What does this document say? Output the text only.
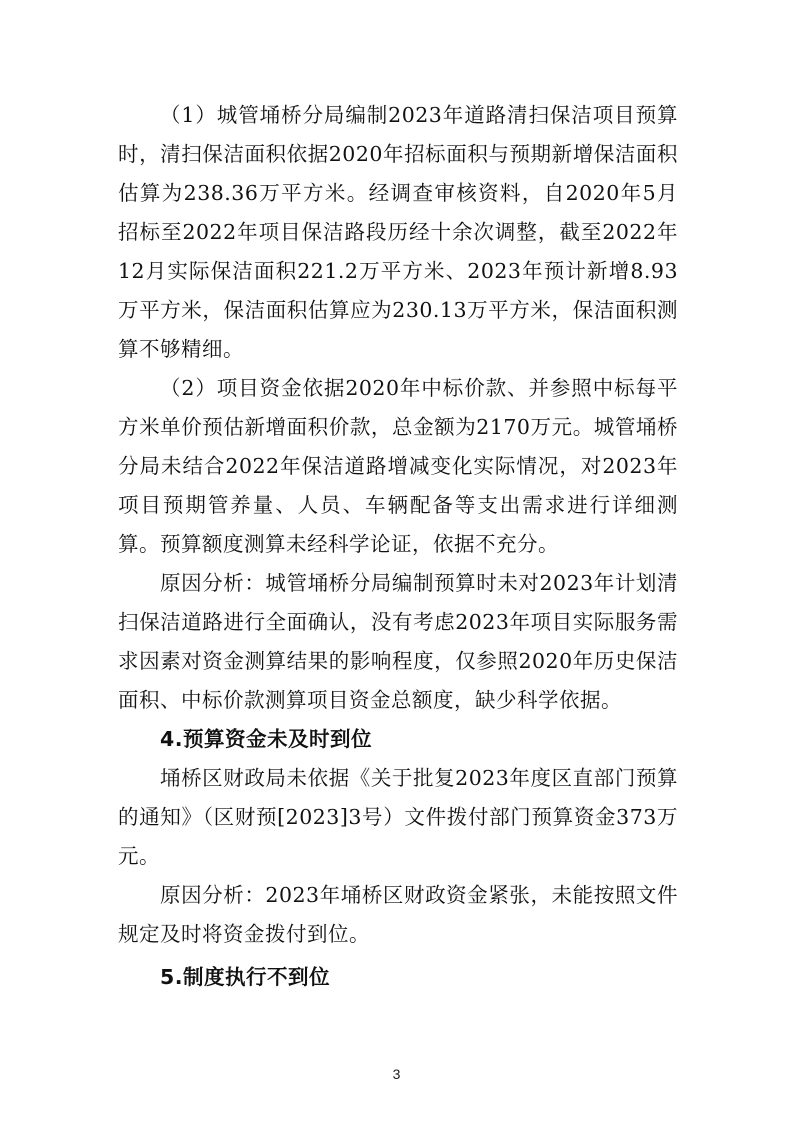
（1）城管埇桥分局编制2023年道路清扫保洁项目预算时，清扫保洁面积依据2020年招标面积与预期新增保洁面积估算为238.36万平方米。经调查审核资料，自2020年5月招标至2022年项目保洁路段历经十余次调整，截至2022年12月实际保洁面积221.2万平方米、2023年预计新增8.93万平方米，保洁面积估算应为230.13万平方米，保洁面积测算不够精细。

（2）项目资金依据2020年中标价款、并参照中标每平方米单价预估新增面积价款，总金额为2170万元。城管埇桥分局未结合2022年保洁道路增减变化实际情况，对2023年项目预期管养量、人员、车辆配备等支出需求进行详细测算。预算额度测算未经科学论证，依据不充分。

原因分析：城管埇桥分局编制预算时未对2023年计划清扫保洁道路进行全面确认，没有考虑2023年项目实际服务需求因素对资金测算结果的影响程度，仅参照2020年历史保洁面积、中标价款测算项目资金总额度，缺少科学依据。

4.预算资金未及时到位

埇桥区财政局未依据《关于批复2023年度区直部门预算的通知》（区财预[2023]3号）文件拨付部门预算资金373万元。

原因分析：2023年埇桥区财政资金紧张，未能按照文件规定及时将资金拨付到位。

5.制度执行不到位

3
